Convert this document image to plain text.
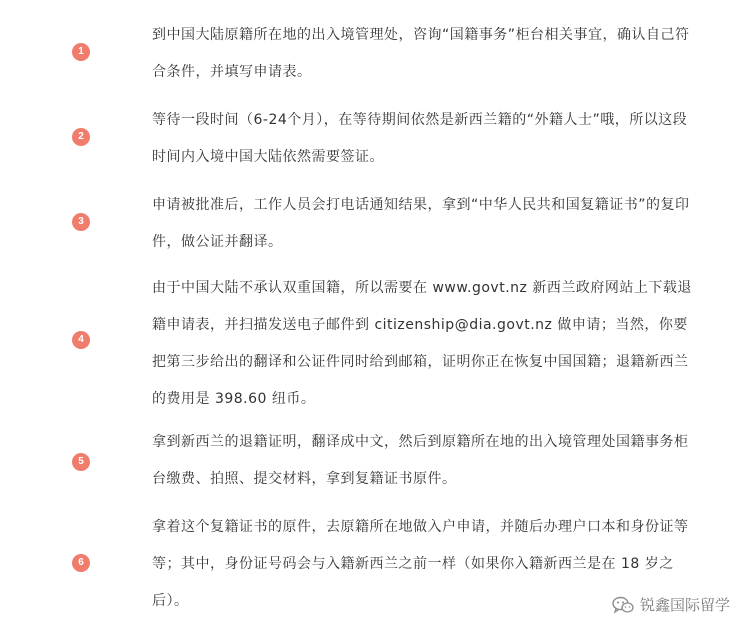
1

到中国大陆原籍所在地的出入境管理处，咨询“国籍事务”柜台相关事宜，确认自己符合条件，并填写申请表。

2

等待一段时间（6-24个月），在等待期间依然是新西兰籍的“外籍人士”哦，所以这段时间内入境中国大陆依然需要签证。

3

申请被批准后，工作人员会打电话通知结果，拿到“中华人民共和国复籍证书”的复印件，做公证并翻译。

4

由于中国大陆不承认双重国籍，所以需要在 www.govt.nz 新西兰政府网站上下载退籍申请表，并扫描发送电子邮件到 citizenship@dia.govt.nz 做申请；当然，你要把第三步给出的翻译和公证件同时给到邮箱，证明你正在恢复中国国籍；退籍新西兰的费用是 398.60 纽币。

5

拿到新西兰的退籍证明，翻译成中文，然后到原籍所在地的出入境管理处国籍事务柜台缴费、拍照、提交材料，拿到复籍证书原件。

6

拿着这个复籍证书的原件，去原籍所在地做入户申请，并随后办理户口本和身份证等等；其中，身份证号码会与入籍新西兰之前一样（如果你入籍新西兰是在 18 岁之后）。	锐鑫国际留学
